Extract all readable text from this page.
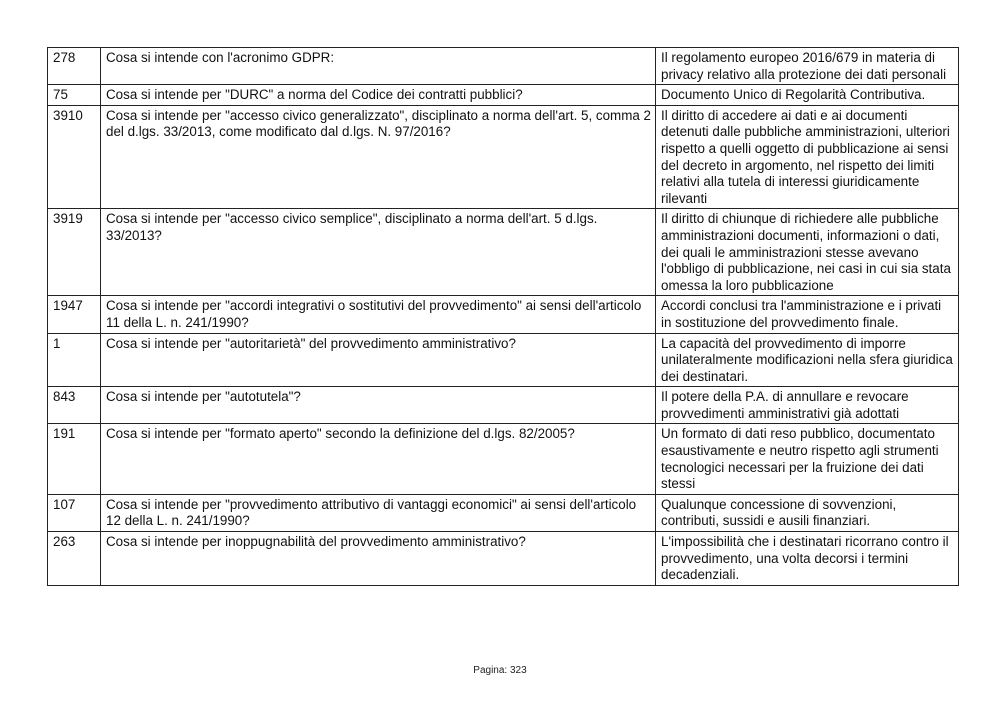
278	Cosa si intende con l'acronimo GDPR:	Il regolamento europeo 2016/679 in materia di privacy relativo alla protezione dei dati personali
75	Cosa si intende per "DURC" a norma del Codice dei contratti pubblici?	Documento Unico di Regolarità Contributiva.
3910	Cosa si intende per "accesso civico generalizzato", disciplinato a norma dell'art. 5, comma 2 del d.lgs. 33/2013, come modificato dal d.lgs. N. 97/2016?	Il diritto di accedere ai dati e ai documenti detenuti dalle pubbliche amministrazioni, ulteriori rispetto a quelli oggetto di pubblicazione ai sensi del decreto in argomento, nel rispetto dei limiti relativi alla tutela di interessi giuridicamente rilevanti
3919	Cosa si intende per "accesso civico semplice", disciplinato a norma dell'art. 5 d.lgs. 33/2013?	Il diritto di chiunque di richiedere alle pubbliche amministrazioni documenti, informazioni o dati, dei quali le amministrazioni stesse avevano l'obbligo di pubblicazione, nei casi in cui sia stata omessa la loro pubblicazione
1947	Cosa si intende per "accordi integrativi o sostitutivi del provvedimento" ai sensi dell'articolo 11 della L. n. 241/1990?	Accordi conclusi tra l'amministrazione e i privati in sostituzione del provvedimento finale.
1	Cosa si intende per "autoritarietà" del provvedimento amministrativo?	La capacità del provvedimento di imporre unilateralmente modificazioni nella sfera giuridica dei destinatari.
843	Cosa si intende per "autotutela"?	Il potere della P.A. di annullare e revocare provvedimenti amministrativi già adottati
191	Cosa si intende per "formato aperto" secondo la definizione del d.lgs. 82/2005?	Un formato di dati reso pubblico, documentato esaustivamente e neutro rispetto agli strumenti tecnologici necessari per la fruizione dei dati stessi
107	Cosa si intende per "provvedimento attributivo di vantaggi economici" ai sensi dell'articolo 12 della L. n. 241/1990?	Qualunque concessione di sovvenzioni, contributi, sussidi e ausili finanziari.
263	Cosa si intende per inoppugnabilità del provvedimento amministrativo?	L'impossibilità che i destinatari ricorrano contro il provvedimento, una volta decorsi i termini decadenziali.
Pagina: 323
